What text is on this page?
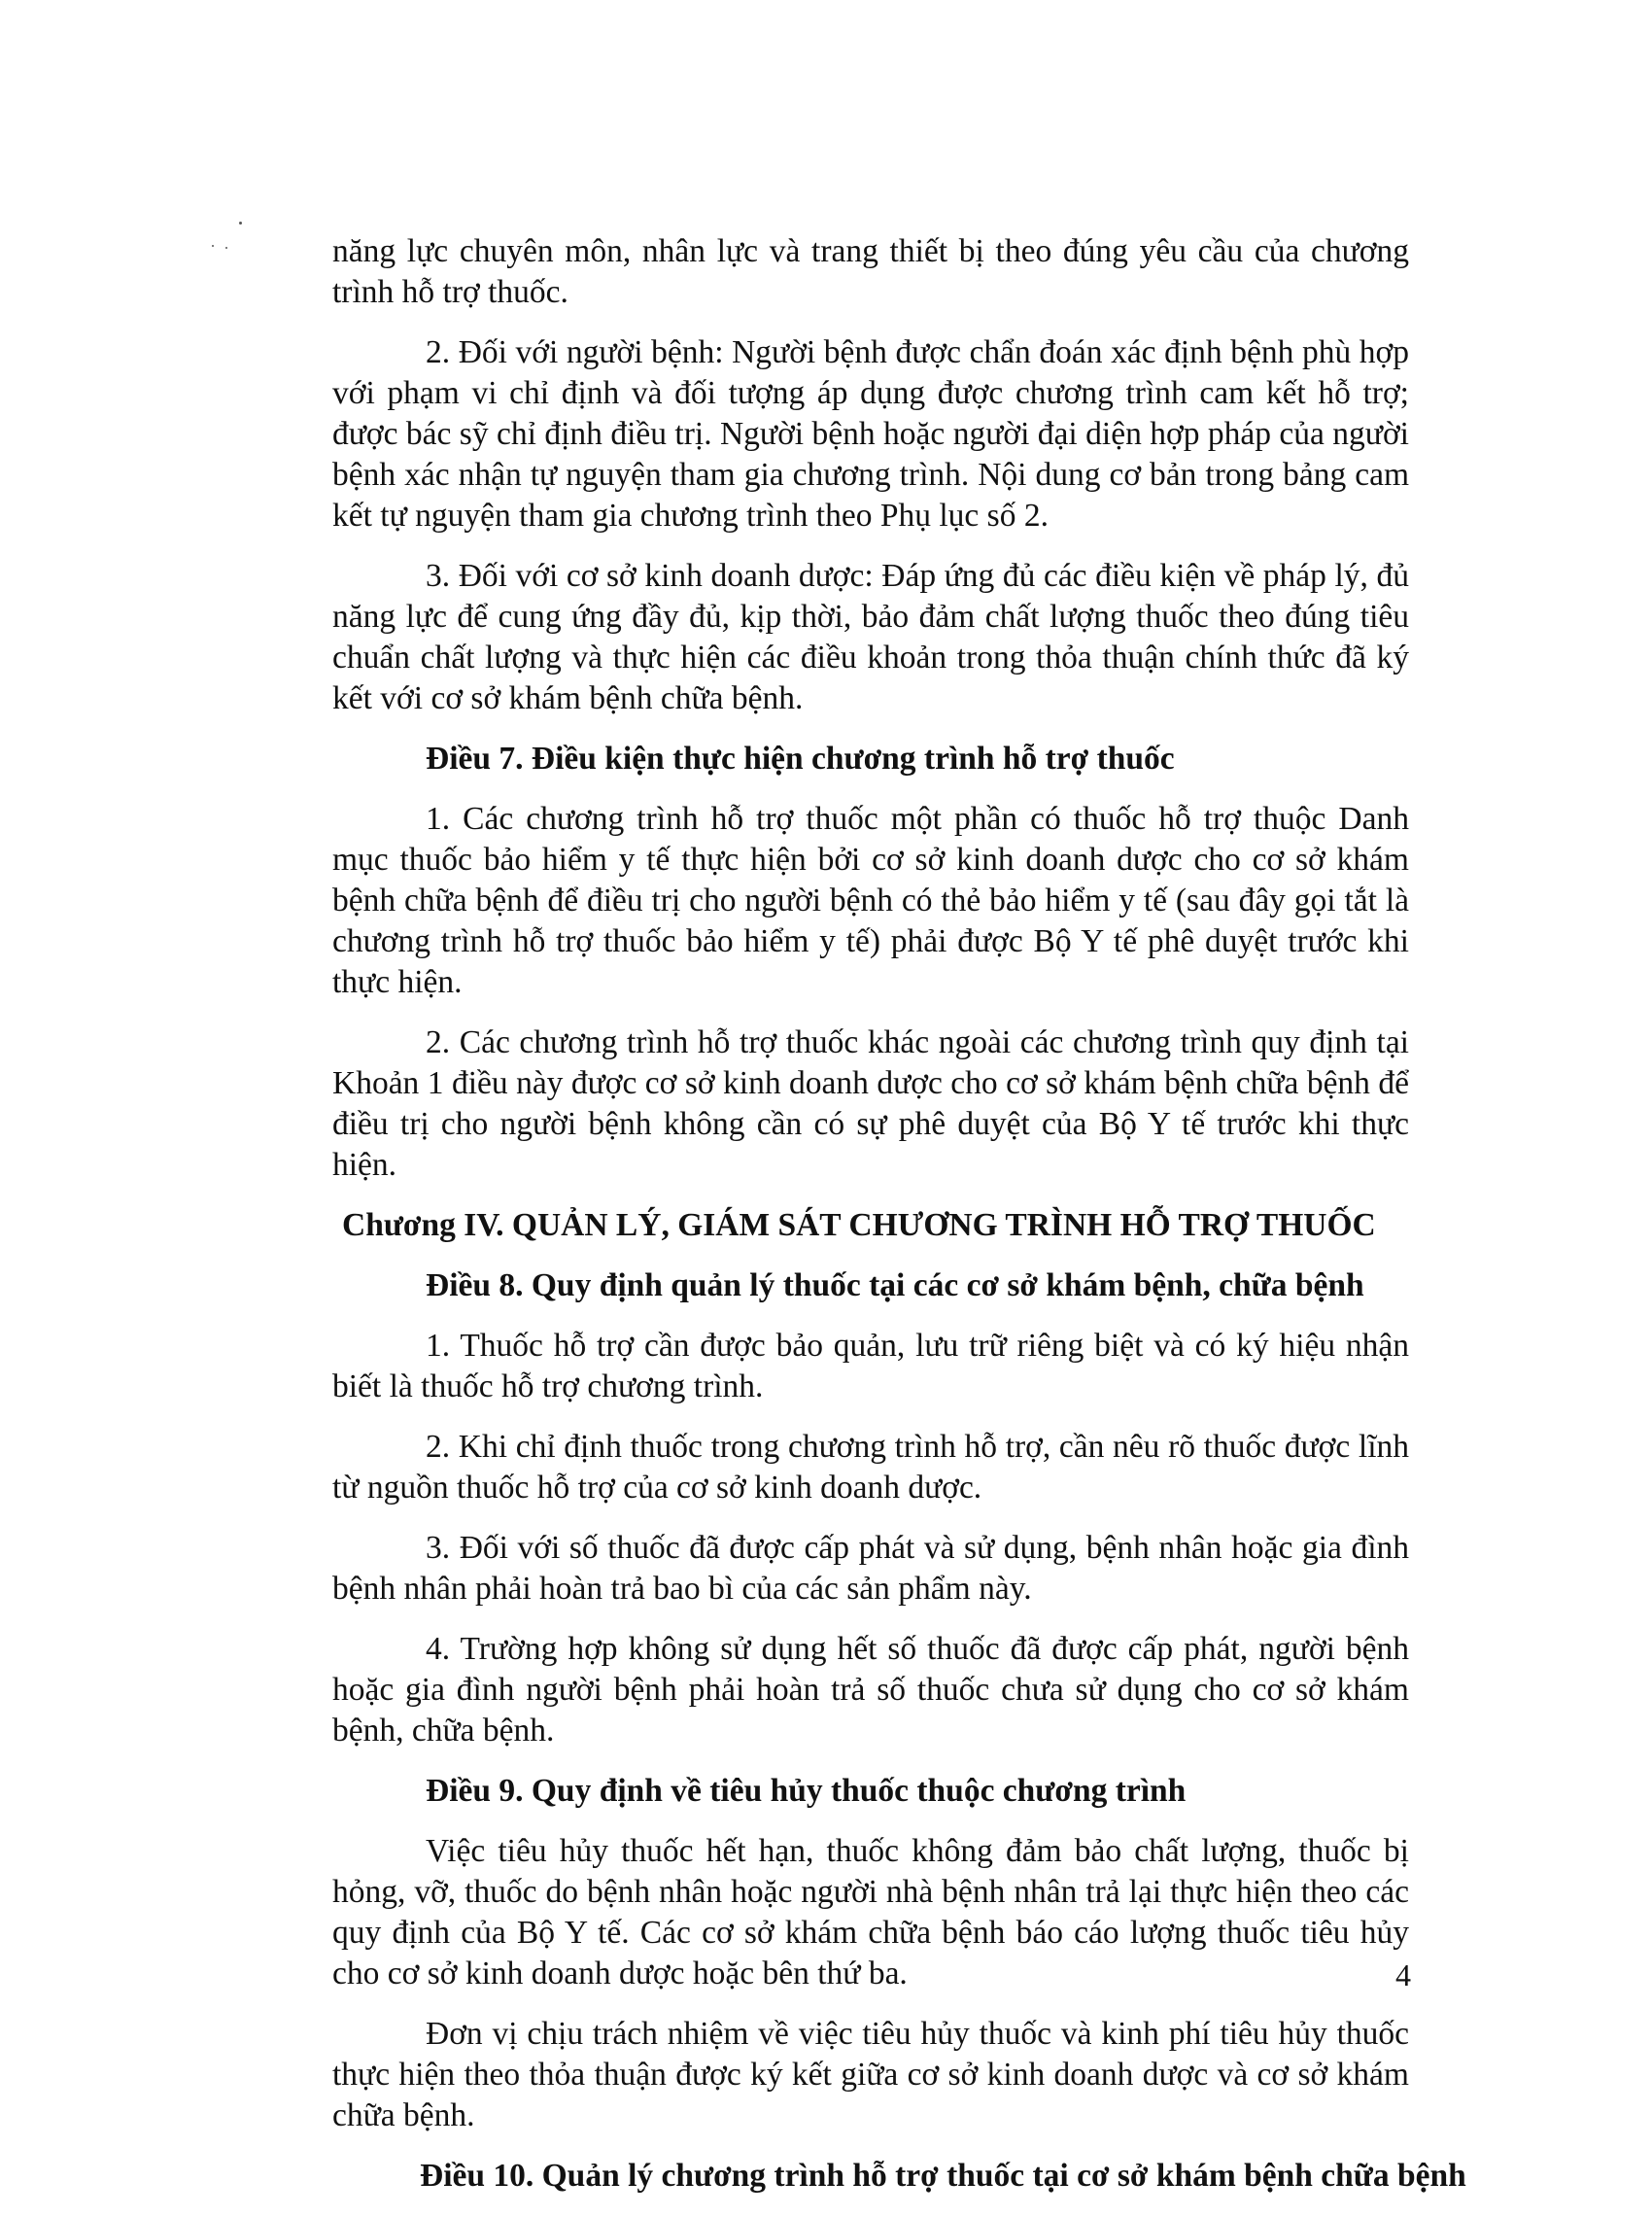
năng lực chuyên môn, nhân lực và trang thiết bị theo đúng yêu cầu của chương trình hỗ trợ thuốc.

2. Đối với người bệnh: Người bệnh được chẩn đoán xác định bệnh phù hợp với phạm vi chỉ định và đối tượng áp dụng được chương trình cam kết hỗ trợ; được bác sỹ chỉ định điều trị. Người bệnh hoặc người đại diện hợp pháp của người bệnh xác nhận tự nguyện tham gia chương trình. Nội dung cơ bản trong bảng cam kết tự nguyện tham gia chương trình theo Phụ lục số 2.

3. Đối với cơ sở kinh doanh dược: Đáp ứng đủ các điều kiện về pháp lý, đủ năng lực để cung ứng đầy đủ, kịp thời, bảo đảm chất lượng thuốc theo đúng tiêu chuẩn chất lượng và thực hiện các điều khoản trong thỏa thuận chính thức đã ký kết với cơ sở khám bệnh chữa bệnh.

Điều 7. Điều kiện thực hiện chương trình hỗ trợ thuốc

1. Các chương trình hỗ trợ thuốc một phần có thuốc hỗ trợ thuộc Danh mục thuốc bảo hiểm y tế thực hiện bởi cơ sở kinh doanh dược cho cơ sở khám bệnh chữa bệnh để điều trị cho người bệnh có thẻ bảo hiểm y tế (sau đây gọi tắt là chương trình hỗ trợ thuốc bảo hiểm y tế) phải được Bộ Y tế phê duyệt trước khi thực hiện.

2. Các chương trình hỗ trợ thuốc khác ngoài các chương trình quy định tại Khoản 1 điều này được cơ sở kinh doanh dược cho cơ sở khám bệnh chữa bệnh để điều trị cho người bệnh không cần có sự phê duyệt của Bộ Y tế trước khi thực hiện.

Chương IV. QUẢN LÝ, GIÁM SÁT CHƯƠNG TRÌNH HỖ TRỢ THUỐC
Điều 8. Quy định quản lý thuốc tại các cơ sở khám bệnh, chữa bệnh

1. Thuốc hỗ trợ cần được bảo quản, lưu trữ riêng biệt và có ký hiệu nhận biết là thuốc hỗ trợ chương trình.

2. Khi chỉ định thuốc trong chương trình hỗ trợ, cần nêu rõ thuốc được lĩnh từ nguồn thuốc hỗ trợ của cơ sở kinh doanh dược.

3. Đối với số thuốc đã được cấp phát và sử dụng, bệnh nhân hoặc gia đình bệnh nhân phải hoàn trả bao bì của các sản phẩm này.

4. Trường hợp không sử dụng hết số thuốc đã được cấp phát, người bệnh hoặc gia đình người bệnh phải hoàn trả số thuốc chưa sử dụng cho cơ sở khám bệnh, chữa bệnh.

Điều 9. Quy định về tiêu hủy thuốc thuộc chương trình

Việc tiêu hủy thuốc hết hạn, thuốc không đảm bảo chất lượng, thuốc bị hỏng, vỡ, thuốc do bệnh nhân hoặc người nhà bệnh nhân trả lại thực hiện theo các quy định của Bộ Y tế. Các cơ sở khám chữa bệnh báo cáo lượng thuốc tiêu hủy cho cơ sở kinh doanh dược hoặc bên thứ ba.

Đơn vị chịu trách nhiệm về việc tiêu hủy thuốc và kinh phí tiêu hủy thuốc thực hiện theo thỏa thuận được ký kết giữa cơ sở kinh doanh dược và cơ sở khám chữa bệnh.

Điều 10. Quản lý chương trình hỗ trợ thuốc tại cơ sở khám bệnh chữa bệnh
4
